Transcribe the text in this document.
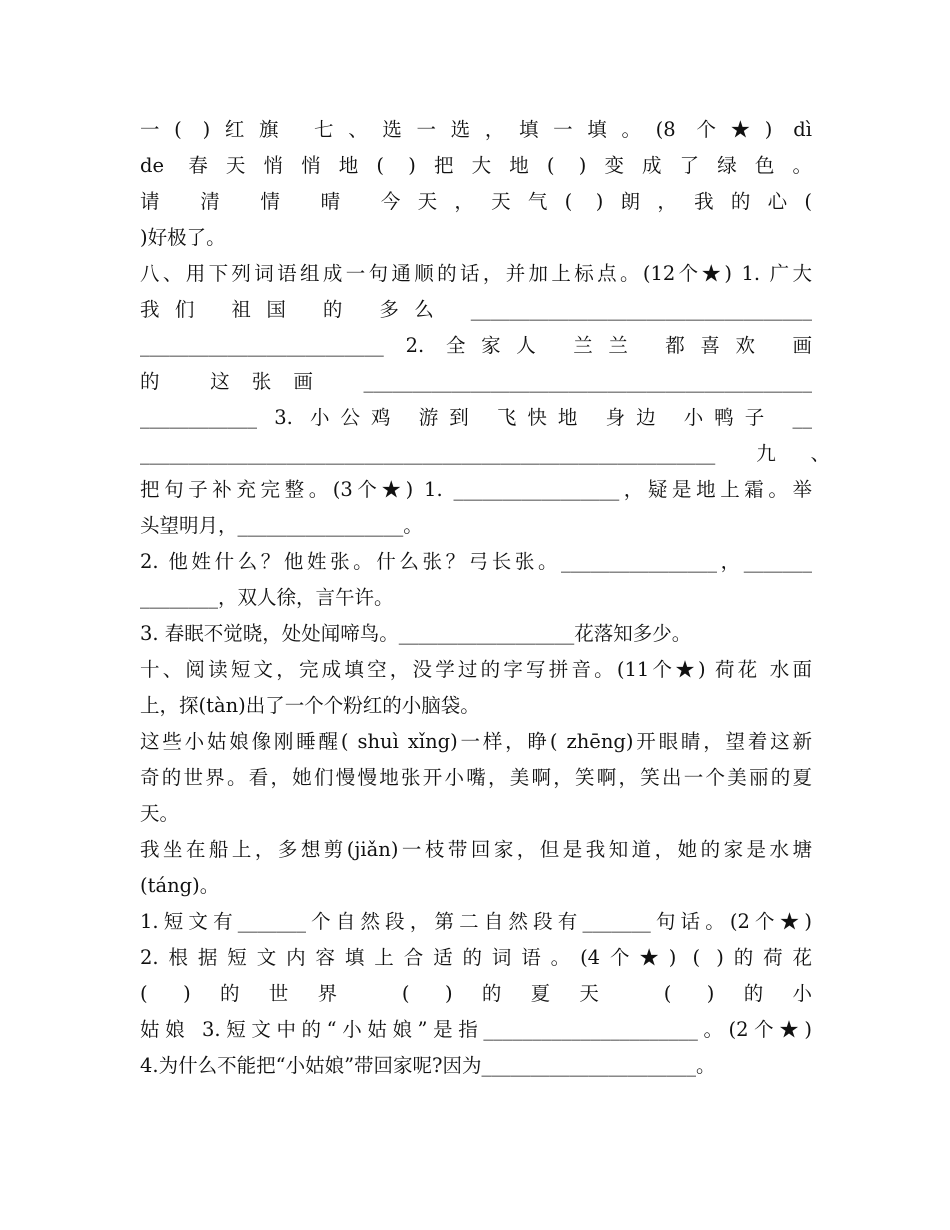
一( )红旗 七、选一选，填一填。(8 个★) dì
de 春天悄悄地( )把大地( )变成了绿色。
请 清 情 晴 今天，天气( )朗，我的心(
)好极了。
八、用下列词语组成一句通顺的话，并加上标点。(12个★) 1. 广大
我们 祖国 的 多么 ___________________________________
_________________________ 2. 全家人 兰兰 都喜欢 画
的 这张画 ______________________________________________
____________ 3. 小公鸡 游到 飞快地 身边 小鸭子 __
___________________________________________________________ 九、
把句子补充完整。(3个★) 1. _________________，疑是地上霜。举
头望明月，_________________。
2. 他姓什么？他姓张。什么张？弓长张。________________，_______
________，双人徐，言午许。
3. 春眠不觉晓，处处闻啼鸟。__________________花落知多少。
十、阅读短文，完成填空，没学过的字写拼音。(11个★) 荷花 水面
上，探(tàn)出了一个个粉红的小脑袋。
这些小姑娘像刚睡醒( shuì xǐng)一样，睁( zhēng)开眼睛，望着这新
奇的世界。看，她们慢慢地张开小嘴，美啊，笑啊，笑出一个美丽的夏
天。
我坐在船上，多想剪(jiǎn)一枝带回家，但是我知道，她的家是水塘
(táng)。
1.短文有_______个自然段，第二自然段有_______句话。(2个★)
2.根据短文内容填上合适的词语。(4个★) ( )的荷花
( )的世界 ( )的夏天 ( )的小
姑娘 3.短文中的“小姑娘”是指______________________。(2个★)
4.为什么不能把“小姑娘”带回家呢?因为______________________。
